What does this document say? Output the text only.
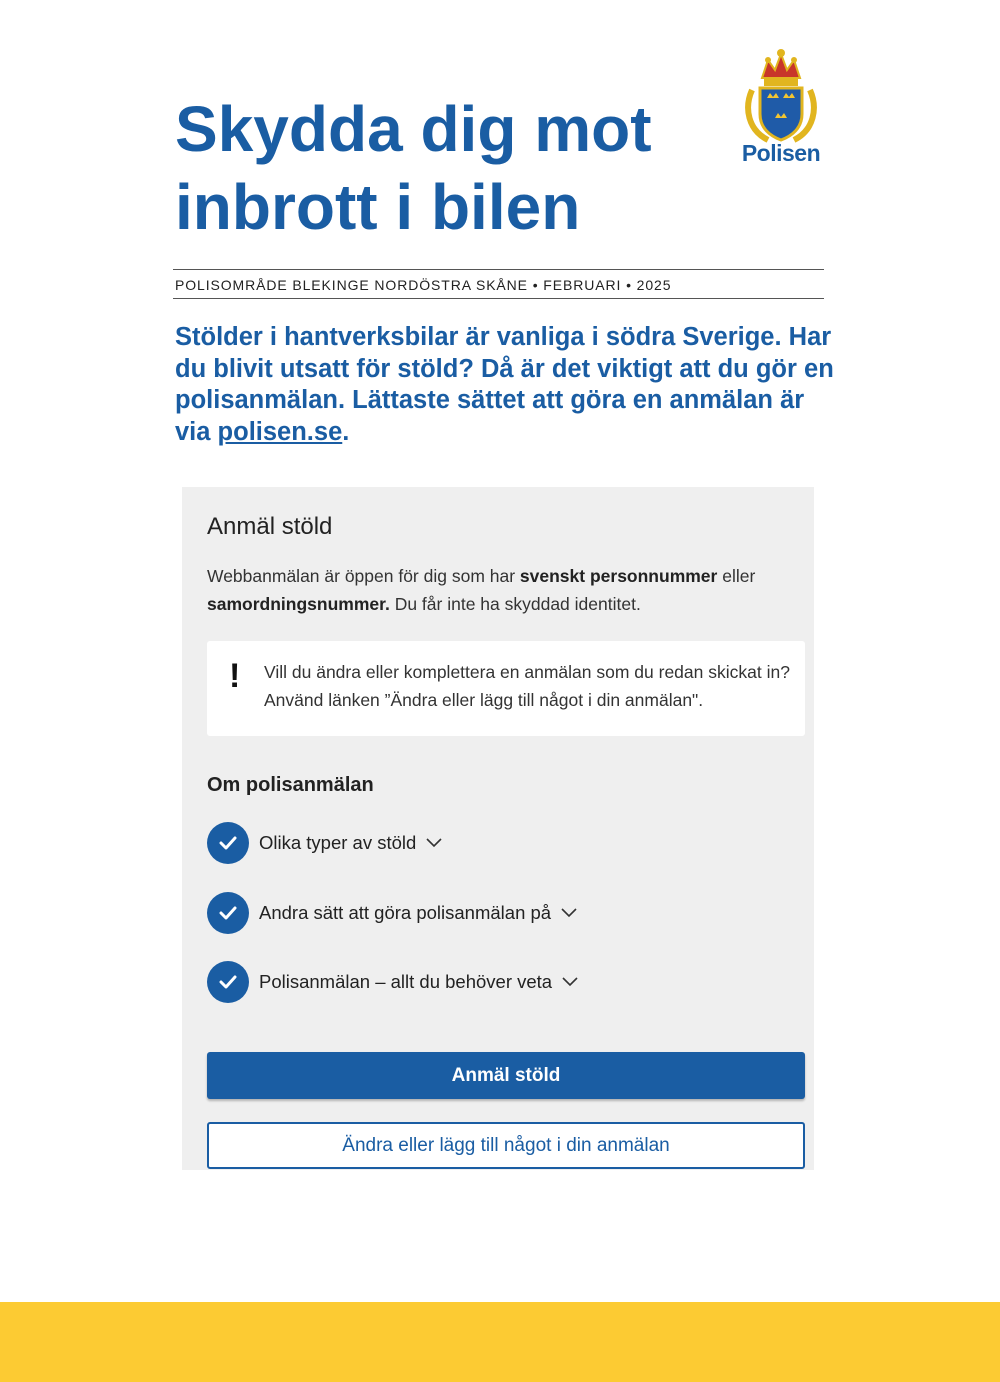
Skydda dig mot inbrott i bilen
Polisen
POLISOMRÅDE BLEKINGE NORDÖSTRA SKÅNE • FEBRUARI • 2025
Stölder i hantverksbilar är vanliga i södra Sverige. Har du blivit utsatt för stöld? Då är det viktigt att du gör en polisanmälan. Lättaste sättet att göra en anmälan är via polisen.se.
Anmäl stöld
Webbanmälan är öppen för dig som har svenskt personnummer eller
samordningsnummer. Du får inte ha skyddad identitet.
! Vill du ändra eller komplettera en anmälan som du redan skickat in? Använd länken ”Ändra eller lägg till något i din anmälan".
Om polisanmälan
Olika typer av stöld
Andra sätt att göra polisanmälan på
Polisanmälan – allt du behöver veta
Anmäl stöld
Ändra eller lägg till något i din anmälan
